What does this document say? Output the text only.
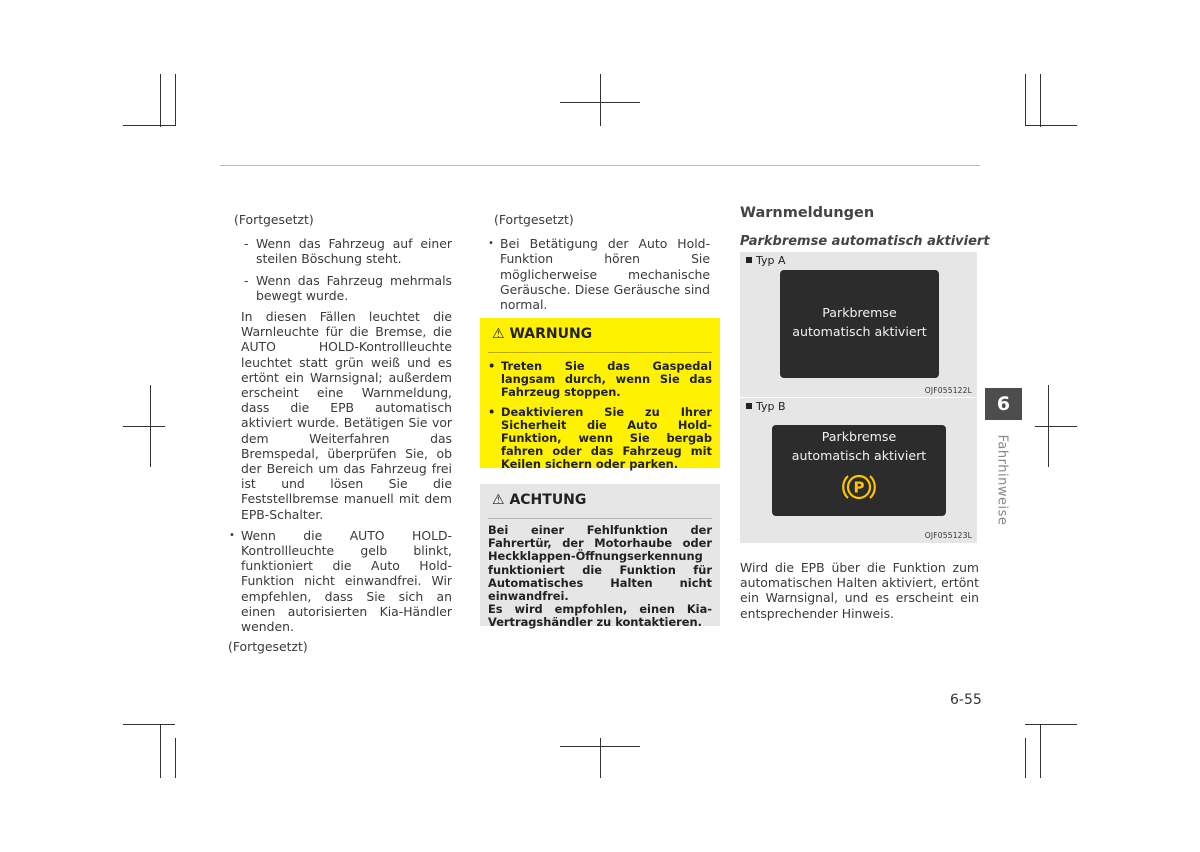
(Fortgesetzt)
- Wenn das Fahrzeug auf einer steilen Böschung steht.
- Wenn das Fahrzeug mehrmals bewegt wurde.
In diesen Fällen leuchtet die Warnleuchte für die Bremse, die AUTO HOLD-Kontrollleuchte leuchtet statt grün weiß und es ertönt ein Warnsignal; außerdem erscheint eine Warnmeldung, dass die EPB automatisch aktiviert wurde. Betätigen Sie vor dem Weiterfahren das Bremspedal, überprüfen Sie, ob der Bereich um das Fahrzeug frei ist und lösen Sie die Feststellbremse manuell mit dem EPB-Schalter.
• Wenn die AUTO HOLD-Kontrollleuchte gelb blinkt, funktioniert die Auto Hold-Funktion nicht einwandfrei. Wir empfehlen, dass Sie sich an einen autorisierten Kia-Händler wenden.
(Fortgesetzt)
(Fortgesetzt)
• Bei Betätigung der Auto Hold-Funktion hören Sie möglicherweise mechanische Geräusche. Diese Geräusche sind normal.
⚠ WARNUNG
• Treten Sie das Gaspedal langsam durch, wenn Sie das Fahrzeug stoppen.
• Deaktivieren Sie zu Ihrer Sicherheit die Auto Hold-Funktion, wenn Sie bergab fahren oder das Fahrzeug mit Keilen sichern oder parken.
⚠ ACHTUNG
Bei einer Fehlfunktion der Fahrertür, der Motorhaube oder Heckklappen-Öffnungserkennung funktioniert die Funktion für Automatisches Halten nicht einwandfrei.
Es wird empfohlen, einen Kia-Vertragshändler zu kontaktieren.
Warnmeldungen
Parkbremse automatisch aktiviert
Typ A
Parkbremse
automatisch aktiviert
OJF055122L
Typ B
Parkbremse
automatisch aktiviert
P
OJF055123L
Wird die EPB über die Funktion zum automatischen Halten aktiviert, ertönt ein Warnsignal, und es erscheint ein entsprechender Hinweis.
6
Fahrhinweise
6-55
